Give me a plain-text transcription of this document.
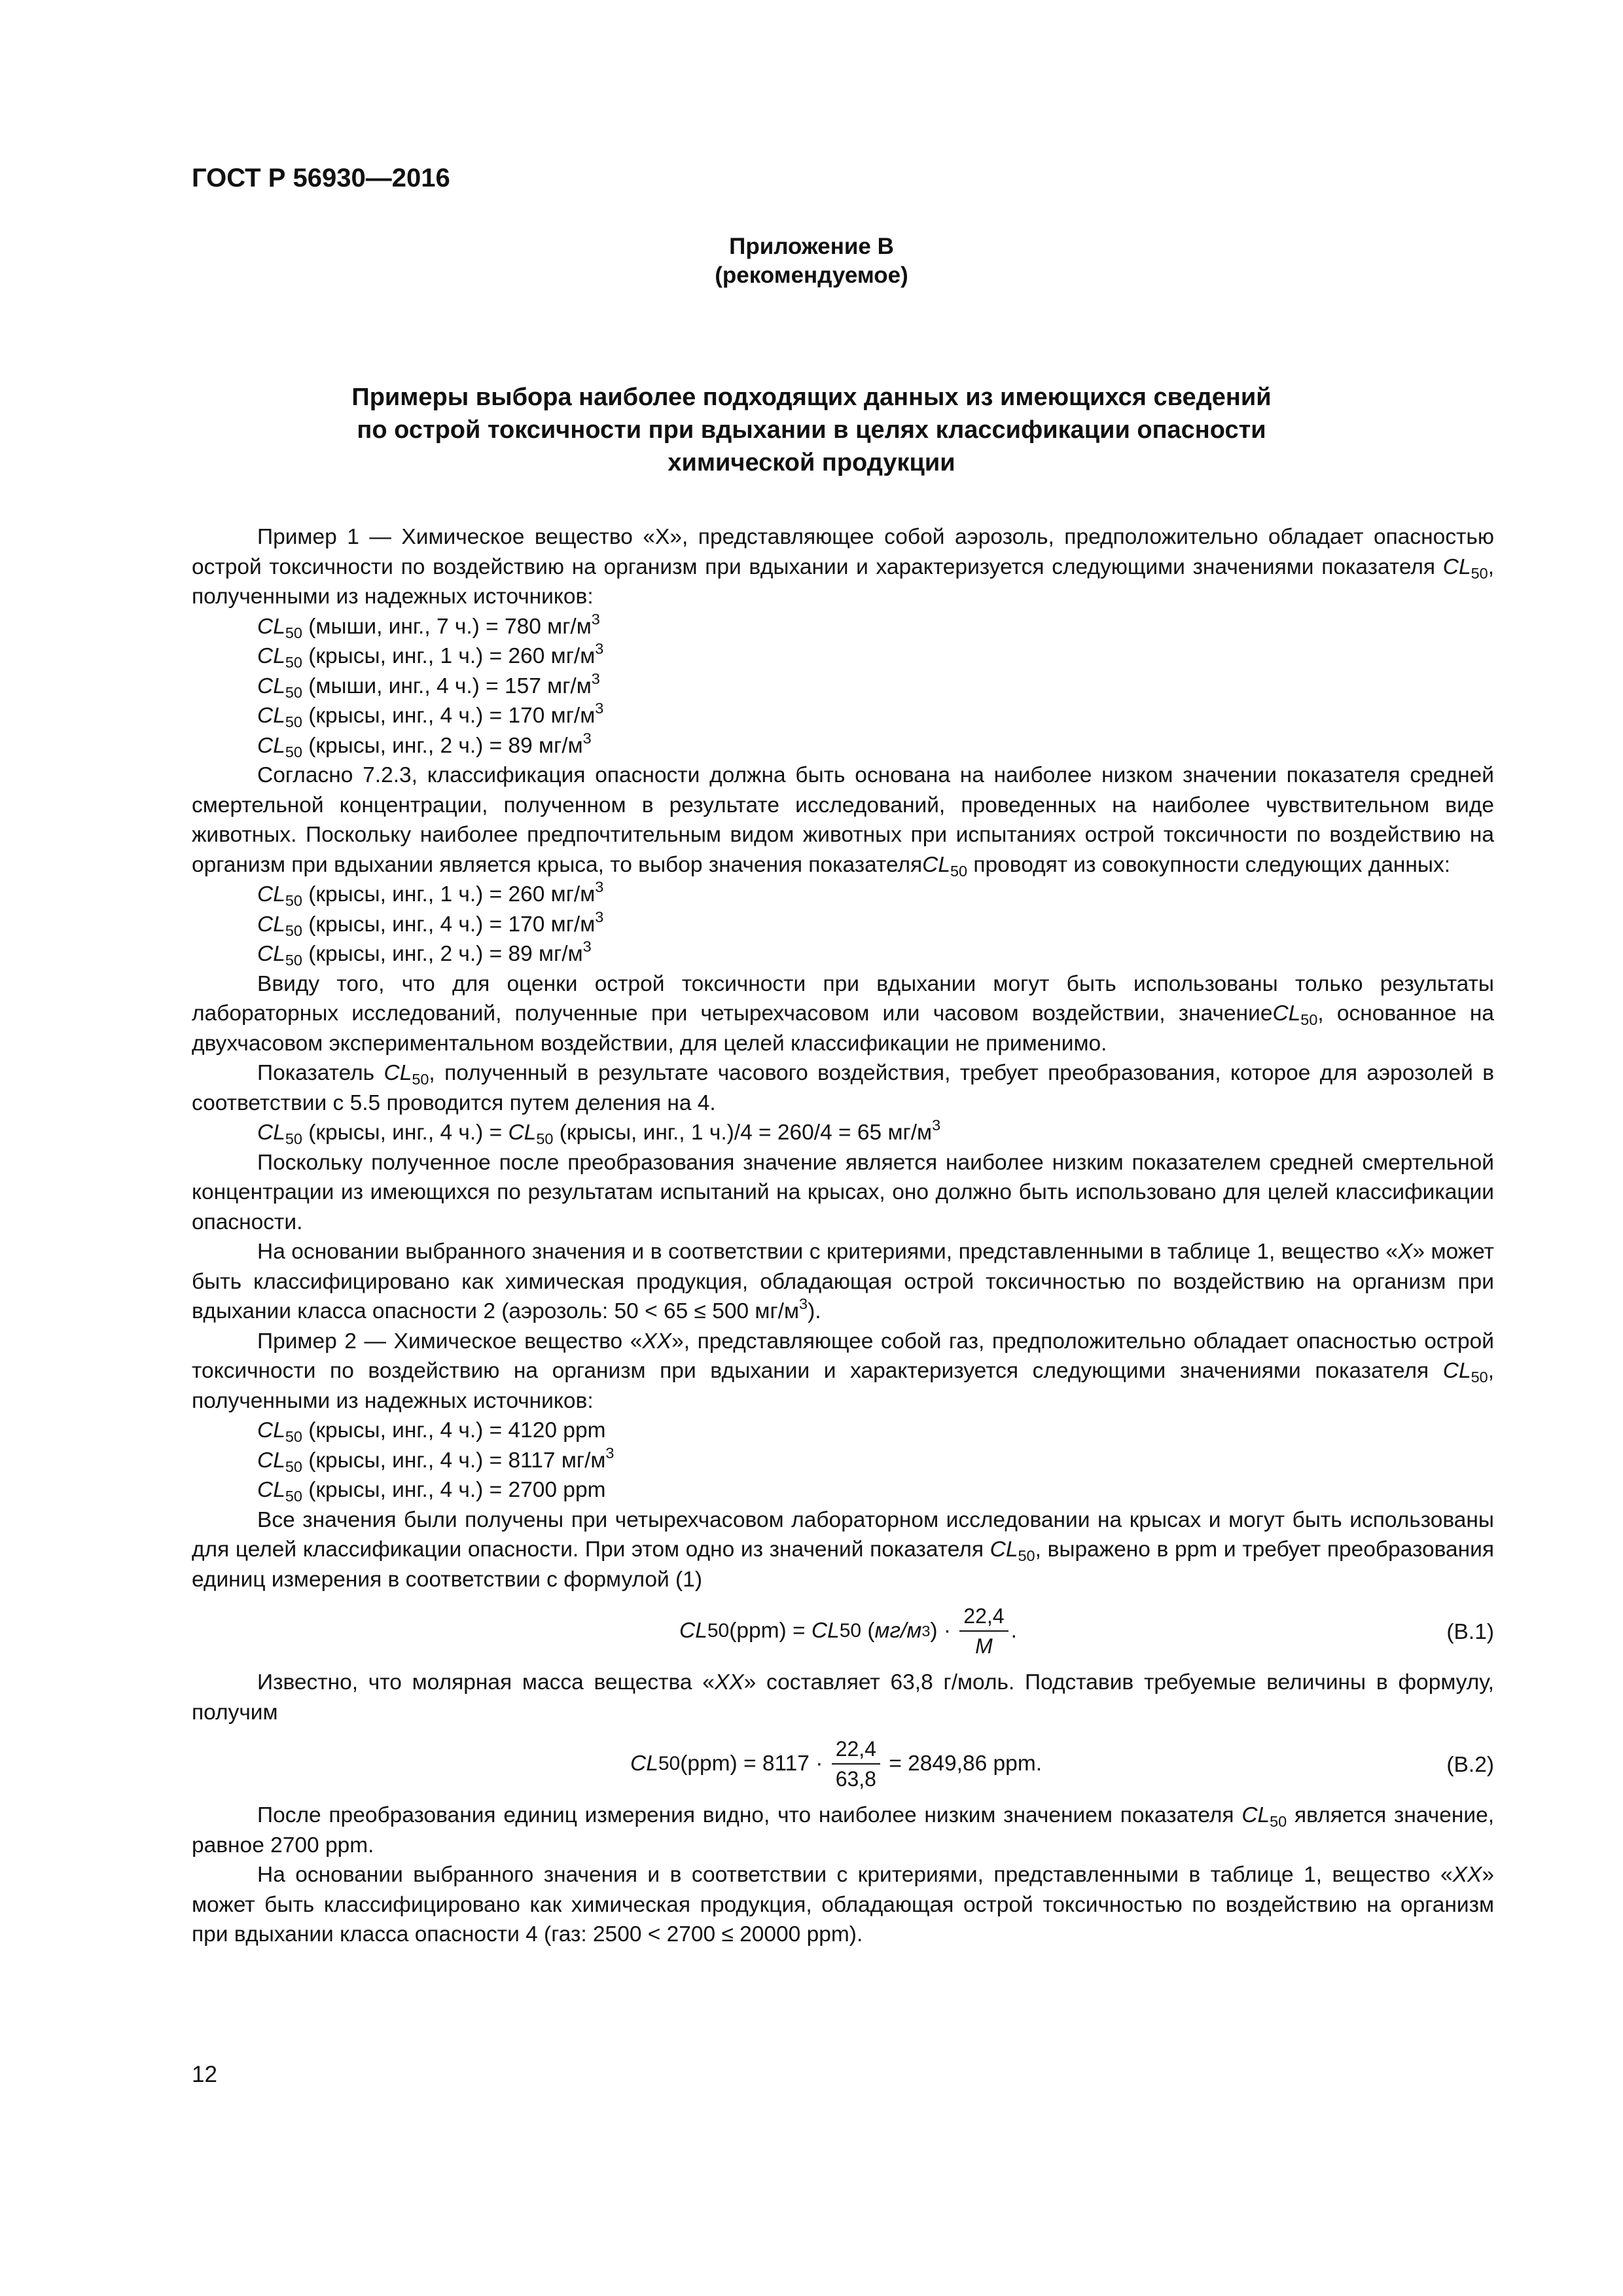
ГОСТ Р 56930—2016
Приложение В
(рекомендуемое)
Примеры выбора наиболее подходящих данных из имеющихся сведений
по острой токсичности при вдыхании в целях классификации опасности
химической продукции

Пример 1 — Химическое вещество «X», представляющее собой аэрозоль, предположительно обладает опасностью острой токсичности по воздействию на организм при вдыхании и характеризуется следующими значениями показателя $CL_{50}$, полученными из надежных источников:

$CL_{50}$ (мыши, инг., 7 ч.) = 780 $мг/м^3$
$CL_{50}$ (крысы, инг., 1 ч.) = 260 $мг/м^3$
$CL_{50}$ (мыши, инг., 4 ч.) = 157 $мг/м^3$
$CL_{50}$ (крысы, инг., 4 ч.) = 170 $мг/м^3$
$CL_{50}$ (крысы, инг., 2 ч.) = 89 $мг/м^3$

Согласно 7.2.3, классификация опасности должна быть основана на наиболее низком значении показателя средней смертельной концентрации, полученном в результате исследований, проведенных на наиболее чувствительном виде животных. Поскольку наиболее предпочтительным видом животных при испытаниях острой токсичности по воздействию на организм при вдыхании является крыса, то выбор значения показателяCL$_{50}$ проводят из совокупности следующих данных:

$CL_{50}$ (крысы, инг., 1 ч.) = 260 $мг/м^3$
$CL_{50}$ (крысы, инг., 4 ч.) = 170 $мг/м^3$
$CL_{50}$ (крысы, инг., 2 ч.) = 89 $мг/м^3$

Ввиду того, что для оценки острой токсичности при вдыхании могут быть использованы только результаты лабораторных исследований, полученные при четырехчасовом или часовом воздействии, значениеCL$_{50}$, основанное на двухчасовом экспериментальном воздействии, для целей классификации не применимо.

Показатель $CL_{50}$, полученный в результате часового воздействия, требует преобразования, которое для аэрозолей в соответствии с 5.5 проводится путем деления на 4.

$CL_{50}$ (крысы, инг., 4 $ч.) = CL_{50}$ (крысы, инг., 1 ч.)/4 = 260/4 = 65 $мг/м^3$

Поскольку полученное после преобразования значение является наиболее низким показателем средней смертельной концентрации из имеющихся по результатам испытаний на крысах, оно должно быть использовано для целей классификации опасности.

На основании выбранного значения и в соответствии с критериями, представленными в таблице 1, вещество «X» может быть классифицировано как химическая продукция, обладающая острой токсичностью по воздействию на организм при вдыхании класса опасности 2 (аэрозоль: 50 < 65 ≤ 500 $мг/м^3$).

Пример 2 — Химическое вещество «XX», представляющее собой газ, предположительно обладает опасностью острой токсичности по воздействию на организм при вдыхании и характеризуется следующими значениями показателя $CL_{50}$, полученными из надежных источников:

$CL_{50}$ (крысы, инг., 4 ч.) = 4120 ppm
$CL_{50}$ (крысы, инг., 4 ч.) = 8117 $мг/м^3$
$CL_{50}$ (крысы, инг., 4 ч.) = 2700 ppm

Все значения были получены при четырехчасовом лабораторном исследовании на крысах и могут быть использованы для целей классификации опасности. При этом одно из значений показателя $CL_{50}$, выражено в ppm и требует преобразования единиц измерения в соответствии с формулой (1)

CL 50 (ppm) =
CL 50 ( мг/м 3 )
·
$\frac{22,4}{M}$ .	(В.1)

Известно, что молярная масса вещества «XX» составляет 63,8 г/моль. Подставив требуемые величины в формулу, получим

CL 50 (ppm) = 8117
·
$\frac{22,4}{63,8}$
= 2849,86 ppm.	(В.2)

После преобразования единиц измерения видно, что наиболее низким значением показателя $CL_{50}$ является значение, равное 2700 ppm.

На основании выбранного значения и в соответствии с критериями, представленными в таблице 1, вещество «XX» может быть классифицировано как химическая продукция, обладающая острой токсичностью по воздействию на организм при вдыхании класса опасности 4 (газ: 2500 < 2700 ≤ 20000 ppm).

12
